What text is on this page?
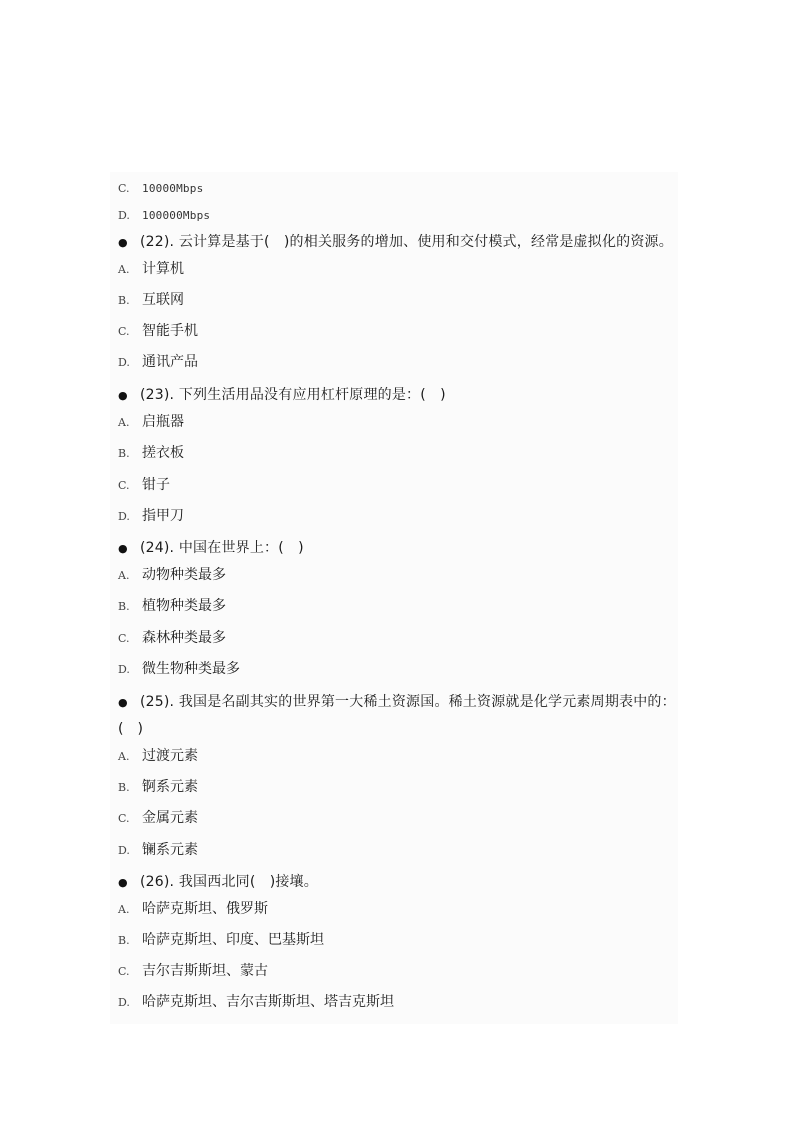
C. 10000Mbps
D. 100000Mbps
● (22). 云计算是基于(　)的相关服务的增加、使用和交付模式，经常是虚拟化的资源。
A. 计算机
B. 互联网
C. 智能手机
D. 通讯产品
● (23). 下列生活用品没有应用杠杆原理的是：(　)
A. 启瓶器
B. 搓衣板
C. 钳子
D. 指甲刀
● (24). 中国在世界上：(　)
A. 动物种类最多
B. 植物种类最多
C. 森林种类最多
D. 微生物种类最多
● (25). 我国是名副其实的世界第一大稀土资源国。稀土资源就是化学元素周期表中的：
(　)
A. 过渡元素
B. 锕系元素
C. 金属元素
D. 镧系元素
● (26). 我国西北同(　)接壤。
A. 哈萨克斯坦、俄罗斯
B. 哈萨克斯坦、印度、巴基斯坦
C. 吉尔吉斯斯坦、蒙古
D. 哈萨克斯坦、吉尔吉斯斯坦、塔吉克斯坦
